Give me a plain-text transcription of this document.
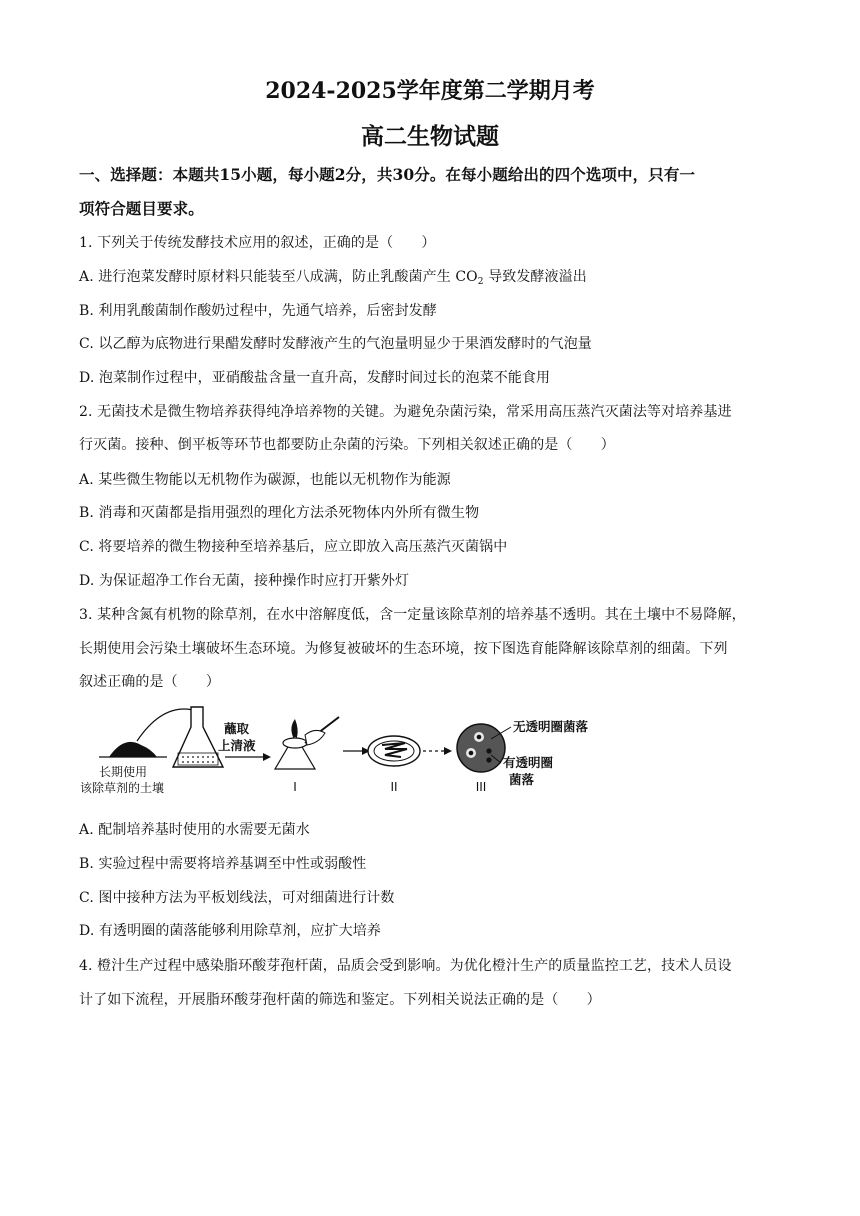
2024-2025学年度第二学期月考
高二生物试题
一、选择题：本题共15小题，每小题2分，共30分。在每小题给出的四个选项中，只有一
项符合题目要求。
1. 下列关于传统发酵技术应用的叙述，正确的是（　　）
A. 进行泡菜发酵时原材料只能装至八成满，防止乳酸菌产生 $CO_2$ 导致发酵液溢出
B. 利用乳酸菌制作酸奶过程中，先通气培养，后密封发酵
C. 以乙醇为底物进行果醋发酵时发酵液产生的气泡量明显少于果酒发酵时的气泡量
D. 泡菜制作过程中，亚硝酸盐含量一直升高，发酵时间过长的泡菜不能食用
2. 无菌技术是微生物培养获得纯净培养物的关键。为避免杂菌污染，常采用高压蒸汽灭菌法等对培养基进
行灭菌。接种、倒平板等环节也都要防止杂菌的污染。下列相关叙述正确的是（　　）
A. 某些微生物能以无机物作为碳源，也能以无机物作为能源
B. 消毒和灭菌都是指用强烈的理化方法杀死物体内外所有微生物
C. 将要培养的微生物接种至培养基后，应立即放入高压蒸汽灭菌锅中
D. 为保证超净工作台无菌，接种操作时应打开紫外灯
3. 某种含氮有机物的除草剂，在水中溶解度低，含一定量该除草剂的培养基不透明。其在土壤中不易降解，
长期使用会污染土壤破坏生态环境。为修复被破坏的生态环境，按下图选育能降解该除草剂的细菌。下列
叙述正确的是（　　）
长期使用
该除草剂的土壤
蘸取
上清液
I	II	III
无透明圈菌落
有透明圈
菌落
A. 配制培养基时使用的水需要无菌水
B. 实验过程中需要将培养基调至中性或弱酸性
C. 图中接种方法为平板划线法，可对细菌进行计数
D. 有透明圈的菌落能够利用除草剂，应扩大培养
4. 橙汁生产过程中感染脂环酸芽孢杆菌，品质会受到影响。为优化橙汁生产的质量监控工艺，技术人员设
计了如下流程，开展脂环酸芽孢杆菌的筛选和鉴定。下列相关说法正确的是（　　）
